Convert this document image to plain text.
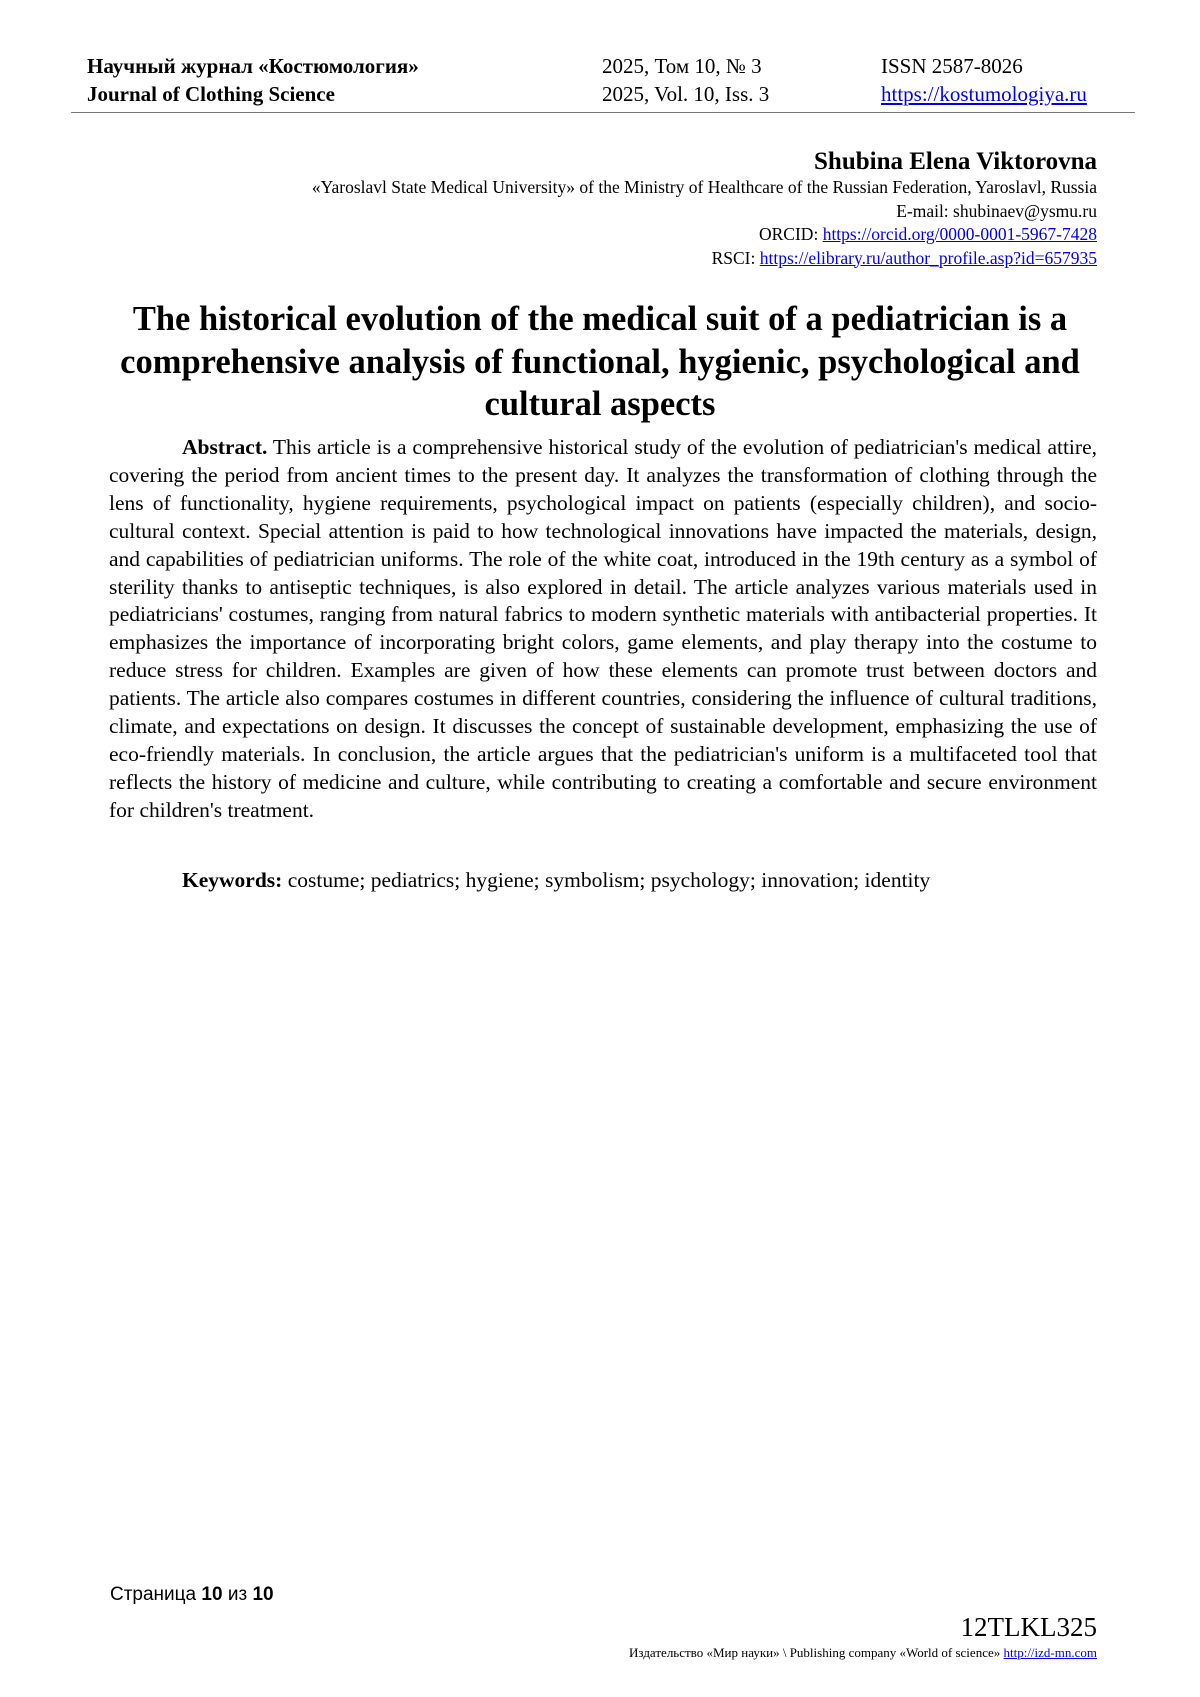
Научный журнал «Костюмология»
Journal of Clothing Science
2025, Том 10, № 3
2025, Vol. 10, Iss. 3
ISSN 2587-8026
https://kostumologiya.ru
Shubina Elena Viktorovna
«Yaroslavl State Medical University» of the Ministry of Healthcare of the Russian Federation, Yaroslavl, Russia
E-mail: shubinaev@ysmu.ru
ORCID: https://orcid.org/0000-0001-5967-7428
RSCI: https://elibrary.ru/author_profile.asp?id=657935
The historical evolution of the medical suit of a pediatrician is a comprehensive analysis of functional, hygienic, psychological and cultural aspects

Abstract. This article is a comprehensive historical study of the evolution of pediatrician's medical attire, covering the period from ancient times to the present day. It analyzes the transformation of clothing through the lens of functionality, hygiene requirements, psychological impact on patients (especially children), and socio-cultural context. Special attention is paid to how technological innovations have impacted the materials, design, and capabilities of pediatrician uniforms. The role of the white coat, introduced in the 19th century as a symbol of sterility thanks to antiseptic techniques, is also explored in detail. The article analyzes various materials used in pediatricians' costumes, ranging from natural fabrics to modern synthetic materials with antibacterial properties. It emphasizes the importance of incorporating bright colors, game elements, and play therapy into the costume to reduce stress for children. Examples are given of how these elements can promote trust between doctors and patients. The article also compares costumes in different countries, considering the influence of cultural traditions, climate, and expectations on design. It discusses the concept of sustainable development, emphasizing the use of eco-friendly materials. In conclusion, the article argues that the pediatrician's uniform is a multifaceted tool that reflects the history of medicine and culture, while contributing to creating a comfortable and secure environment for children's treatment.

Keywords: costume; pediatrics; hygiene; symbolism; psychology; innovation; identity
Страница 10 из 10
12TLKL325
Издательство «Мир науки» \ Publishing company «World of science» http://izd-mn.com
